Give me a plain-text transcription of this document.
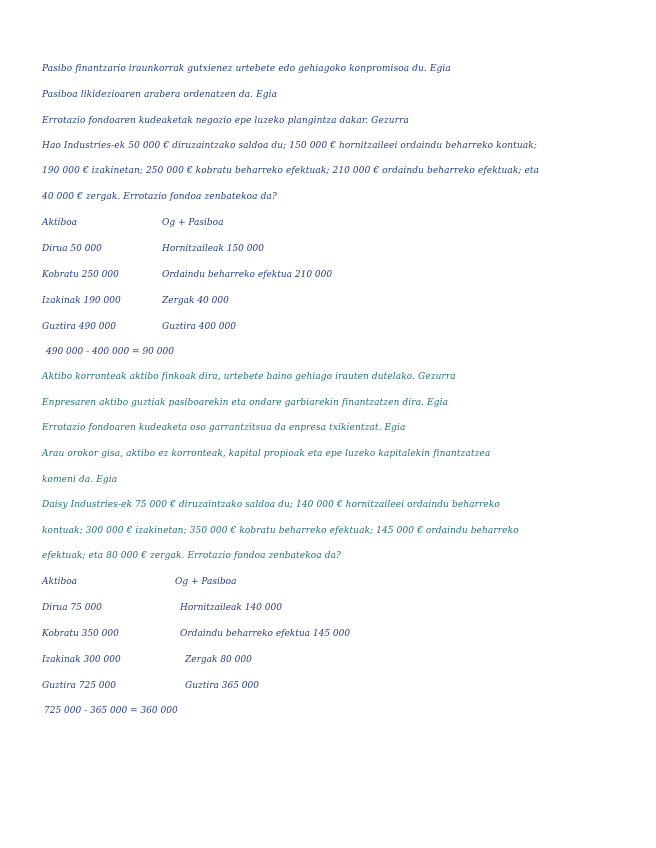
Pasibo finantzario iraunkorrak gutxienez urtebete edo gehiagoko konpromisoa du. Egia
Pasiboa likidezioaren arabera ordenatzen da. Egia
Errotazio fondoaren kudeaketak negozio epe luzeko plangintza dakar. Gezurra
Hao Industries-ek 50 000 € diruzaintzako saldoa du; 150 000 € hornitzaileei ordaindu beharreko kontuak;
190 000 € izakinetan; 250 000 € kobratu beharreko efektuak; 210 000 € ordaindu beharreko efektuak; eta
40 000 € zergak. Errotazio fondoa zenbatekoa da?
Aktiboa	Og + Pasiboa
Dirua 50 000	Hornitzaileak 150 000
Kobratu 250 000	Ordaindu beharreko efektua 210 000
Izakinak 190 000	Zergak 40 000
Guztira 490 000	Guztira 400 000
490 000 - 400 000 = 90 000
Aktibo korronteak aktibo finkoak dira, urtebete baino gehiago irauten dutelako. Gezurra
Enpresaren aktibo guztiak pasiboarekin eta ondare garbiarekin finantzatzen dira. Egia
Errotazio fondoaren kudeaketa oso garrantzitsua da enpresa txikientzat. Egia
Arau orokor gisa, aktibo ez korronteak, kapital propioak eta epe luzeko kapitalekin finantzatzea
komeni da. Egia
Daisy Industries-ek 75 000 € diruzaintzako saldoa du; 140 000 € hornitzaileei ordaindu beharreko
kontuak; 300 000 € izakinetan; 350 000 € kobratu beharreko efektuak; 145 000 € ordaindu beharreko
efektuak; eta 80 000 € zergak. Errotazio fondoa zenbatekoa da?
Aktiboa	Og + Pasiboa
Dirua 75 000	Hornitzaileak 140 000
Kobratu 350 000	Ordaindu beharreko efektua 145 000
Izakinak 300 000	Zergak 80 000
Guztira 725 000	Guztira 365 000
725 000 - 365 000 = 360 000
